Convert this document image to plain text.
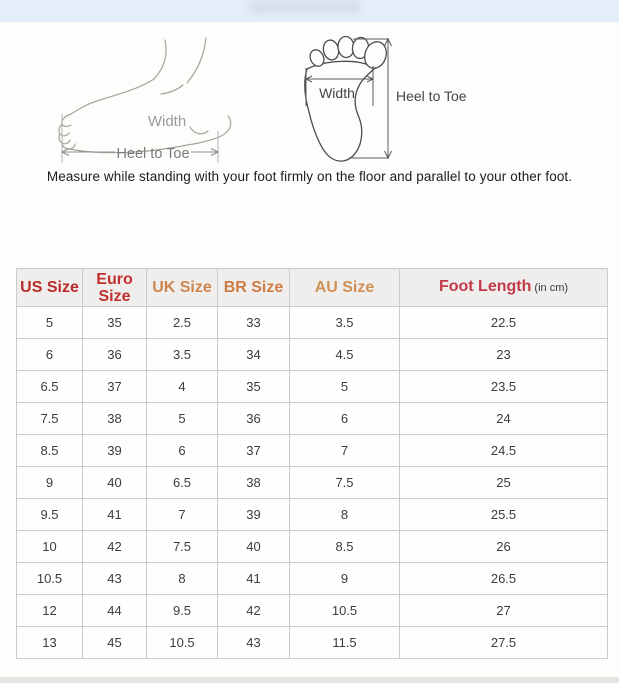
Width
Heel to Toe
Width	Heel to Toe
Measure while standing with your foot firmly on the floor and parallel to your other foot.
US Size	Euro Size	UK Size	BR Size	AU Size	Foot Length (in cm)
5	35	2.5	33	3.5	22.5
6	36	3.5	34	4.5	23
6.5	37	4	35	5	23.5
7.5	38	5	36	6	24
8.5	39	6	37	7	24.5
9	40	6.5	38	7.5	25
9.5	41	7	39	8	25.5
10	42	7.5	40	8.5	26
10.5	43	8	41	9	26.5
12	44	9.5	42	10.5	27
13	45	10.5	43	11.5	27.5
